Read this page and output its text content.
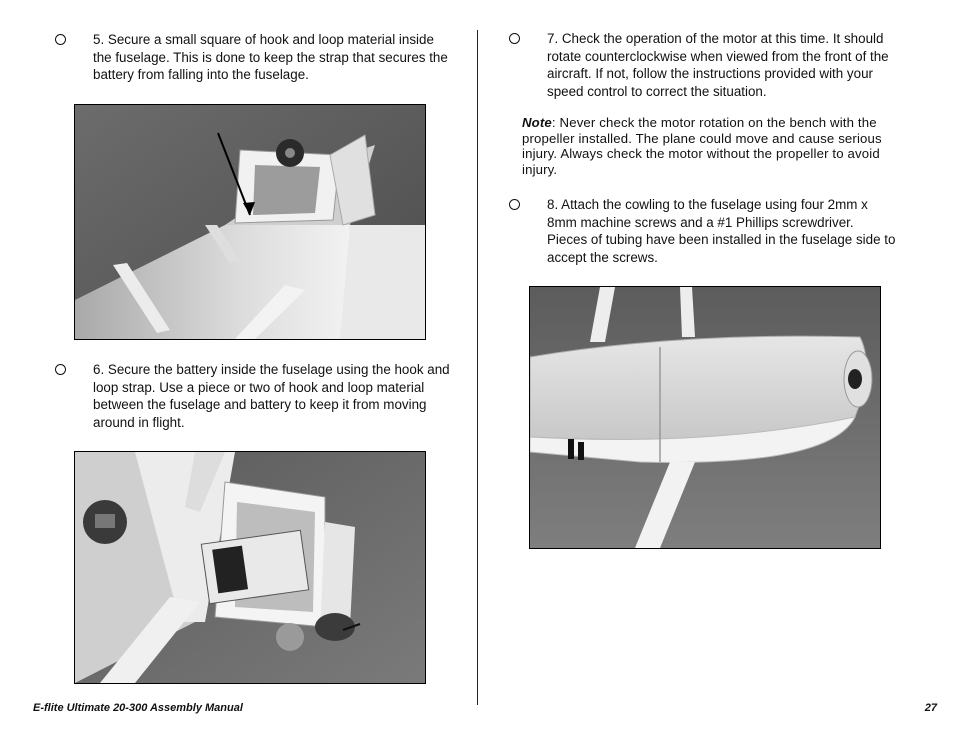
5. Secure a small square of hook and loop material inside the fuselage. This is done to keep the strap that secures the battery from falling into the fuselage.
6. Secure the battery inside the fuselage using the hook and loop strap. Use a piece or two of hook and loop material between the fuselage and battery to keep it from moving around in flight.
7. Check the operation of the motor at this time. It should rotate counterclockwise when viewed from the front of the aircraft. If not, follow the instructions provided with your speed control to correct the situation.
Note: Never check the motor rotation on the bench with the propeller installed. The plane could move and cause serious injury. Always check the motor without the propeller to avoid injury.
8. Attach the cowling to the fuselage using four 2mm x 8mm machine screws and a #1 Phillips screwdriver. Pieces of tubing have been installed in the fuselage side to accept the screws.
E-flite Ultimate 20-300 Assembly Manual	27
